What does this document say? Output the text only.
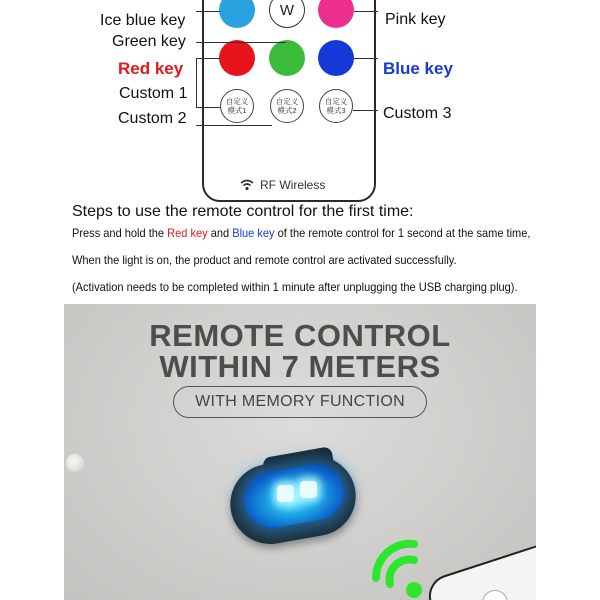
W
自定义
模式1
自定义
模式2
自定义
模式3
Ice blue key
Green key
Red key
Custom 1
Custom 2
Pink key
Blue key
Custom 3
RF Wireless
Steps to use the remote control for the first time:
Press and hold the Red key and Blue key of the remote control for 1 second at the same time,
When the light is on, the product and remote control are activated successfully.
(Activation needs to be completed within 1 minute after unplugging the USB charging plug).
REMOTE CONTROL
WITHIN 7 METERS
WITH MEMORY FUNCTION
